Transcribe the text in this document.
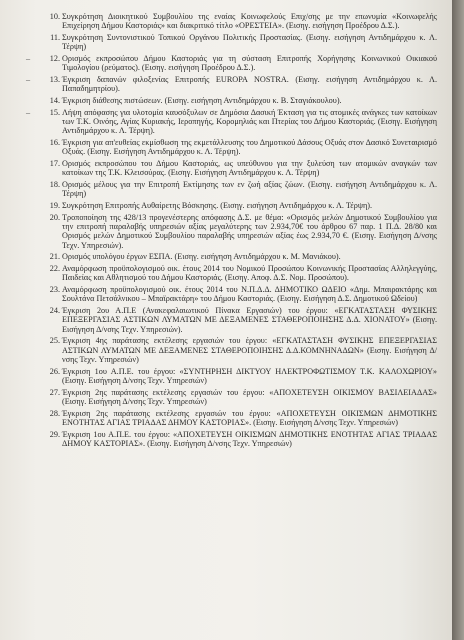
10. Συγκρότηση Διοικητικού Συμβουλίου της εναίας Κοινωφελούς Επιχ/σης με την επωνυμία «Κοινωφελής Επιχείρηση Δήμου Καστοριάς» και διακριτικό τίτλο «ΟΡΕΣΤΕΙΑ». (Εισηγ. εισήγηση Προέδρου Δ.Σ.).
11. Συγκρότηση Συντονιστικού Τοπικού Οργάνου Πολιτικής Προστασίας. (Εισηγ. εισήγηση Αντιδημάρχου κ. Λ. Τέρψη)
–	12. Ορισμός εκπροσώπου Δήμου Καστοριάς για τη σύσταση Επιτροπής Χορήγησης Κοινωνικού Οικιακού Τιμολογίου (ρεύματος). (Εισηγ. εισήγηση Προέδρου Δ.Σ.).
–	13. Έγκριση δαπανών φιλοξενίας Επιτροπής EUROPA NOSTRA. (Εισηγ. εισήγηση Αντιδημάρχου κ. Λ. Παπαδημητρίου).
14. Έγκριση διάθεσης πιστώσεων. (Εισηγ. εισήγηση Αντιδημάρχου κ. Β. Σταγιάκουλου).
–	15. Λήψη απόφασης για υλοτομία καυσόξυλων σε Δημόσια Δασική Έκταση για τις ατομικές ανάγκες των κατοίκων των Τ.Κ. Οινόης, Αγίας Κυριακής, Ιεροπηγής, Κορομηλιάς και Πτερίας του Δήμου Καστοριάς. (Εισηγ. Εισήγηση Αντιδημάρχου κ. Λ. Τέρψη).
16. Έγκριση για απ'ευθείας εκμίσθωση της εκμετάλλευσης του Δημοτικού Δάσους Οξυάς στον Δασικό Συνεταιρισμό Οξυάς. (Εισηγ. Εισήγηση Αντιδημάρχου κ. Λ. Τέρψη).
17. Ορισμός εκπροσώπου του Δήμου Καστοριάς, ως υπεύθυνου για την ξυλεύση των ατομικών αναγκών των κατοίκων της Τ.Κ. Κλεισούρας. (Εισηγ. Εισήγηση Αντιδημάρχου κ. Λ. Τέρψη)
18. Ορισμός μέλους για την Επιτροπή Εκτίμησης των εν ζωή αξίας ζώων. (Εισηγ. εισήγηση Αντιδημάρχου κ. Λ. Τέρψη)
19. Συγκρότηση Επιτροπής Αυθαίρετης Βόσκησης. (Εισηγ. εισήγηση Αντιδημάρχου κ. Λ. Τέρψη).
20. Τροποποίηση της 428/13 προγενέστερης απόφασης Δ.Σ. με θέμα: «Ορισμός μελών Δημοτικού Συμβουλίου για την επιτροπή παραλαβής υπηρεσιών αξίας μεγαλύτερης των 2.934,70€ του άρθρου 67 παρ. 1 Π.Δ. 28/80 και Ορισμός μελών Δημοτικού Συμβουλίου παραλαβής υπηρεσιών αξίας έως 2.934,70 €. (Εισηγ. Εισήγηση Δ/νσης Τεχν. Υπηρεσιών).
21. Ορισμός υπολόγου έργων ΕΣΠΑ. (Εισηγ. εισήγηση Αντιδημάρχου κ. Μ. Μανιάκου).
22. Αναμόρφωση προϋπολογισμού οικ. έτους 2014 του Νομικού Προσώπου Κοινωνικής Προστασίας Αλληλεγγύης, Παιδείας και Αθλητισμού του Δήμου Καστοριάς. (Εισηγ. Αποφ. Δ.Σ. Νομ. Προσώπου).
23. Αναμόρφωση προϋπολογισμού οικ. έτους 2014 του Ν.Π.Δ.Δ. ΔΗΜΟΤΙΚΟ ΩΔΕΙΟ «Δημ. Μπαιρακτάρης και Σουλτάνα Πετσάλνικου – Μπαϊρακτάρη» του Δήμου Καστοριάς. (Εισηγ. Εισήγηση Δ.Σ. Δημοτικού Ωδείου)
24. Έγκριση 2ου Α.Π.Ε (Ανακεφαλαιωτικού Πίνακα Εργασιών) του έργου: «ΕΓΚΑΤΑΣΤΑΣΗ ΦΥΣΙΚΗΣ ΕΠΕΞΕΡΓΑΣΙΑΣ ΑΣΤΙΚΩΝ ΛΥΜΑΤΩΝ ΜΕ ΔΕΞΑΜΕΝΕΣ ΣΤΑΘΕΡΟΠΟΙΗΣΗΣ Δ.Δ. ΧΙΟΝΑΤΟΥ» (Εισηγ. Εισήγηση Δ/νσης Τεχν. Υπηρεσιών).
25. Έγκριση 4ης παράτασης εκτέλεσης εργασιών του έργου: «ΕΓΚΑΤΑΣΤΑΣΗ ΦΥΣΙΚΗΣ ΕΠΕΞΕΡΓΑΣΙΑΣ ΑΣΤΙΚΩΝ ΛΥΜΑΤΩΝ ΜΕ ΔΕΞΑΜΕΝΕΣ ΣΤΑΘΕΡΟΠΟΙΗΣΗΣ Δ.Δ.ΚΟΜΝΗΝΑΔΩΝ» (Εισηγ. Εισήγηση Δ/νσης Τεχν. Υπηρεσιών)
26. Έγκριση 1ου Α.Π.Ε. του έργου: «ΣΥΝΤΗΡΗΣΗ ΔΙΚΤΥΟΥ ΗΛΕΚΤΡΟΦΩΤΙΣΜΟΥ Τ.Κ. ΚΑΛΟΧΩΡΙΟΥ» (Εισηγ. Εισήγηση Δ/νσης Τεχν. Υπηρεσιών)
27. Έγκριση 2ης παράτασης εκτέλεσης εργασιών του έργου: «ΑΠΟΧΕΤΕΥΣΗ ΟΙΚΙΣΜΟΥ ΒΑΣΙΛΕΙΑΔΑΣ» (Εισηγ. Εισήγηση Δ/νσης Τεχν. Υπηρεσιών)
28. Έγκριση 2ης παράτασης εκτέλεσης εργασιών του έργου: «ΑΠΟΧΕΤΕΥΣΗ ΟΙΚΙΣΜΩΝ ΔΗΜΟΤΙΚΗΣ ΕΝΟΤΗΤΑΣ ΑΓΙΑΣ ΤΡΙΑΔΑΣ ΔΗΜΟΥ ΚΑΣΤΟΡΙΑΣ». (Εισηγ. Εισήγηση Δ/νσης Τεχν. Υπηρεσιών)
29. Έγκριση 1ου Α.Π.Ε. του έργου: «ΑΠΟΧΕΤΕΥΣΗ ΟΙΚΙΣΜΩΝ ΔΗΜΟΤΙΚΗΣ ΕΝΟΤΗΤΑΣ ΑΓΙΑΣ ΤΡΙΑΔΑΣ ΔΗΜΟΥ ΚΑΣΤΟΡΙΑΣ». (Εισηγ. Εισήγηση Δ/νσης Τεχν. Υπηρεσιών)
